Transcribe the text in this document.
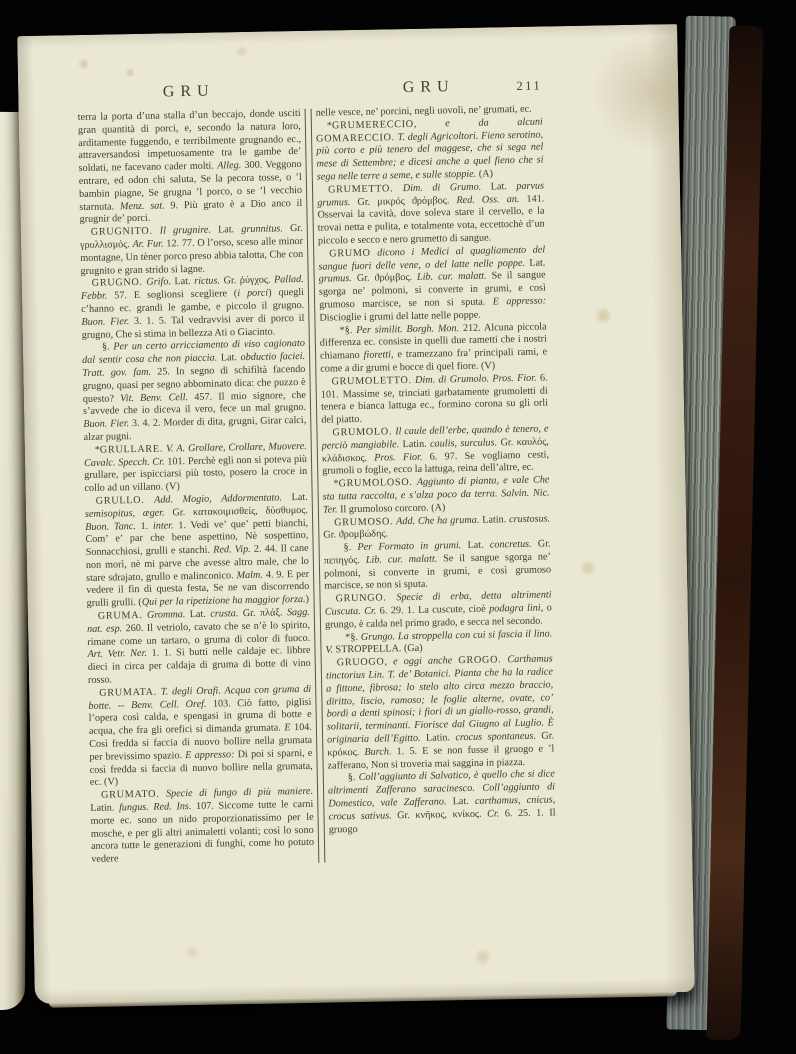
GRU	GRU	211

terra la porta d’una stalla d’un beccajo, donde usciti gran quantità di porci, e, secondo la natura loro, arditamente fuggendo, e terribilmente grugnando ec., attraversandosi impetuosamente tra le gambe de’ soldati, ne facevano cader molti. Alleg. 300. Veggono entrare, ed odon chi saluta, Se la pecora tosse, o ’l bambin piagne, Se grugna ’l porco, o se ’l vecchio starnuta. Menz. sat. 9. Più grato è a Dio anco il grugnir de’ porci.

GRUGNITO. Il grugnire. Lat. grunnitus. Gr. γρυλλισμός. Ar. Fur. 12. 77. O l’orso, sceso alle minor montagne, Un tèner porco preso abbia talotta, Che con grugnito e gran strido si lagne.

GRUGNO. Grifo. Lat. rictus. Gr. ῥύγχος. Pallad. Febbr. 57. E soglionsi scegliere (i porci) quegli c’hanno ec. grandi le gambe, e piccolo il grugno. Buon. Fier. 3. 1. 5. Tal vedravvisi aver di porco il grugno, Che si stima in bellezza Ati o Giacinto.

§. Per un certo arricciamento di viso cagionato dal sentir cosa che non piaccia. Lat. obductio faciei. Tratt. gov. fam. 25. In segno di schifiltà facendo grugno, quasi per segno abbominato dica: che puzzo è questo? Vit. Benv. Cell. 457. Il mio signore, che s’avvede che io diceva il vero, fece un mal grugno. Buon. Fier. 3. 4. 2. Morder di dita, grugni, Girar calci, alzar pugni.

*GRULLARE. V. A. Grollare, Crollare, Muovere. Cavalc. Specch. Cr. 101. Perchè egli non si poteva più grullare, per ispicciarsi più tosto, posero la croce in collo ad un villano. (V)

GRULLO. Add. Mogio, Addormentato. Lat. semisopitus, æger. Gr. κατακοιμισθείς, δύσθυμος. Buon. Tanc. 1. inter. 1. Vedi ve’ que’ petti bianchi, Com’ e’ par che bene aspettino, Nè sospettino, Sonnacchiosi, grulli e stanchi. Red. Vip. 2. 44. Il cane non morì, nè mi parve che avesse altro male, che lo stare sdrajato, grullo e malinconico. Malm. 4. 9. E per vedere il fin di questa festa, Se ne van discorrendo grulli grulli. (Qui per la ripetizione ha maggior forza.)

GRUMA. Gromma. Lat. crusta. Gr. πλάξ. Sagg. nat. esp. 260. Il vetriolo, cavato che se n’è lo spirito, rimane come un tartaro, o gruma di color di fuoco. Art. Vetr. Ner. 1. 1. Si butti nelle caldaje ec. libbre dieci in circa per caldaja di gruma di botte di vino rosso.

GRUMATA. T. degli Orafi. Acqua con gruma di botte. -- Benv. Cell. Oref. 103. Ciò fatto, piglisi l’opera così calda, e spengasi in gruma di botte e acqua, che fra gli orefici si dimanda grumata. E 104. Così fredda si faccia di nuovo bollire nella grumata per brevissimo spazio. E appresso: Di poi si sparni, e così fredda si faccia di nuovo bollire nella grumata, ec. (V)

GRUMATO. Specie di fungo di più maniere. Latin. fungus. Red. Ins. 107. Siccome tutte le carni morte ec. sono un nido proporzionatissimo per le mosche, e per gli altri animaletti volanti; così lo sono ancora tutte le generazioni di funghi, come ho potuto vedere

nelle vesce, ne’ porcini, negli uovoli, ne’ grumati, ec.

*GRUMERECCIO, e da alcuni GOMARECCIO. T. degli Agricoltori. Fieno serotino, più corto e più tenero del maggese, che si sega nel mese di Settembre; e dicesi anche a quel fieno che si sega nelle terre a seme, e sulle stoppie. (A)

GRUMETTO. Dim. di Grumo. Lat. parvus grumus. Gr. μικρός ϑρόμβος. Red. Oss. an. 141. Osservai la cavità, dove soleva stare il cervello, e la trovai netta e pulita, e totalmente vota, eccettochè d’un piccolo e secco e nero grumetto di sangue.

GRUMO dicono i Medici al quagliamento del sangue fuori delle vene, o del latte nelle poppe. Lat. grumus. Gr. ϑρόμβος. Lib. cur. malatt. Se il sangue sgorga ne’ polmoni, si converte in grumi, e così grumoso marcisce, se non si sputa. E appresso: Discioglie i grumi del latte nelle poppe.

*§. Per similit. Borgh. Mon. 212. Alcuna piccola differenza ec. consiste in quelli due rametti che i nostri chiamano fioretti, e tramezzano fra’ principali rami, e come a dir grumi e bocce di quel fiore. (V)

GRUMOLETTO. Dim. di Grumolo. Pros. Fior. 6. 101. Massime se, trinciati garbatamente grumoletti di tenera e bianca lattuga ec., formino corona su gli orli del piatto.

GRUMOLO. Il caule dell’erbe, quando è tenero, e perciò mangiabile. Latin. caulis, surculus. Gr. καυλός, κλάδισκος. Pros. Fior. 6. 97. Se vogliamo cesti, grumoli o foglie, ecco la lattuga, reina dell’altre, ec.

*GRUMOLOSO. Aggiunto di pianta, e vale Che sta tutta raccolta, e s’alza poco da terra. Salvin. Nic. Ter. Il grumoloso corcoro. (A)

GRUMOSO. Add. Che ha gruma. Latin. crustosus. Gr. ϑρομβώδης.

§. Per Formato in grumi. Lat. concretus. Gr. πεπηγός. Lib. cur. malatt. Se il sangue sgorga ne’ polmoni, si converte in grumi, e così grumoso marcisce, se non si sputa.

GRUNGO. Specie di erba, detta altrimenti Cuscuta. Cr. 6. 29. 1. La cuscute, cioè podagra lini, o grungo, è calda nel primo grado, e secca nel secondo.

*§. Grungo. La stroppella con cui si fascia il lino. V. STROPPELLA. (Ga)

GRUOGO, e oggi anche GROGO. Carthamus tinctorius Lin. T. de’ Botanici. Pianta che ha la radice a fittone, fibrosa; lo stelo alto circa mezzo braccio, diritto, liscio, ramoso; le foglie alterne, ovate, co’ bordi a denti spinosi; i fiori di un giallo-rosso, grandi, solitarii, terminanti. Fiorisce dal Giugno al Luglio. È originaria dell’Egitto. Latin. crocus spontaneus. Gr. κρόκος. Burch. 1. 5. E se non fusse il gruogo e ’l zafferano, Non si troveria mai saggina in piazza.

§. Coll’aggiunto di Salvatico, è quello che si dice altrimenti Zafferano saracinesco. Coll’aggiunto di Domestico, vale Zafferano. Lat. carthamus, cnicus, crocus sativus. Gr. κνῆκος, κνίκος. Cr. 6. 25. 1. Il gruogo
